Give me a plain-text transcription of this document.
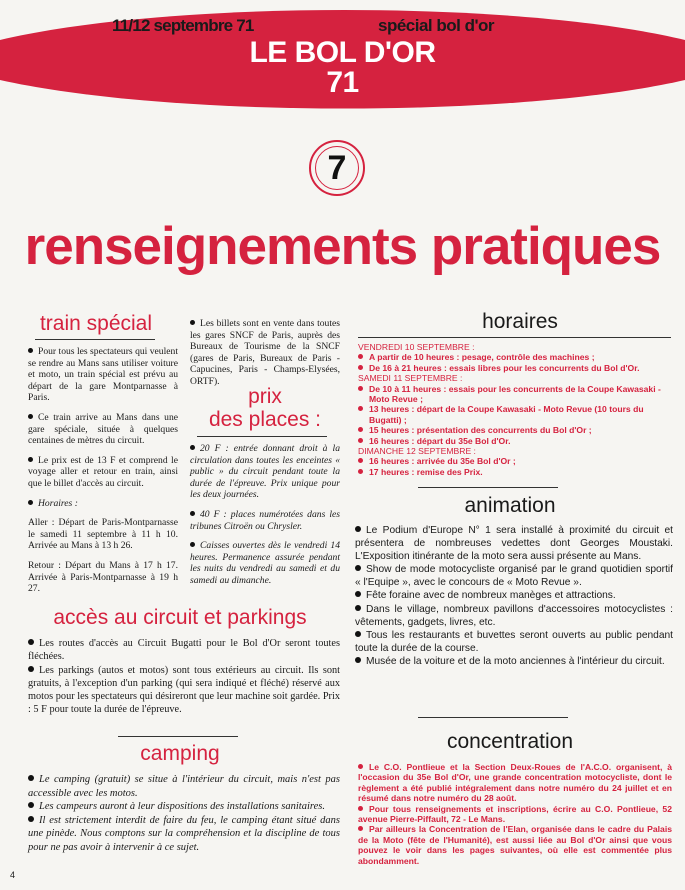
LE BOL D'OR
71
11/12 septembre 71
7
spécial bol d'or
renseignements pratiques
train spécial

Pour tous les spectateurs qui veulent se rendre au Mans sans utiliser voiture et moto, un train spécial est prévu au départ de la gare Montparnasse à Paris.

Ce train arrive au Mans dans une gare spéciale, située à quelques centaines de mètres du circuit.

Le prix est de 13 F et comprend le voyage aller et retour en train, ainsi que le billet d'accès au circuit.

Horaires :

Aller : Départ de Paris-Montparnasse le samedi 11 septembre à 11 h 10. Arrivée au Mans à 13 h 26.

Retour : Départ du Mans à 17 h 17. Arrivée à Paris-Montparnasse à 19 h 27.

Les billets sont en vente dans toutes les gares SNCF de Paris, auprès des Bureaux de Tourisme de la SNCF (gares de Paris, Bureaux de Paris - Capucines, Paris - Champs-Elysées, ORTF).

prix
des places :

20 F : entrée donnant droit à la circulation dans toutes les enceintes « public » du circuit pendant toute la durée de l'épreuve. Prix unique pour les deux journées.

40 F : places numérotées dans les tribunes Citroën ou Chrysler.

Caisses ouvertes dès le vendredi 14 heures. Permanence assurée pendant les nuits du vendredi au samedi et du samedi au dimanche.

accès au circuit et parkings

Les routes d'accès au Circuit Bugatti pour le Bol d'Or seront toutes fléchées.

Les parkings (autos et motos) sont tous extérieurs au circuit. Ils sont gratuits, à l'exception d'un parking (qui sera indiqué et fléché) réservé aux motos pour les spectateurs qui désireront que leur machine soit gardée. Prix : 5 F pour toute la durée de l'épreuve.

camping

Le camping (gratuit) se situe à l'intérieur du circuit, mais n'est pas accessible avec les motos.

Les campeurs auront à leur dispositions des installations sanitaires.

Il est strictement interdit de faire du feu, le camping étant situé dans une pinède. Nous comptons sur la compréhension et la discipline de tous pour ne pas avoir à intervenir à ce sujet.

horaires

VENDREDI 10 SEPTEMBRE :

A partir de 10 heures : pesage, contrôle des machines ;

De 16 à 21 heures : essais libres pour les concurrents du Bol d'Or.

SAMEDI 11 SEPTEMBRE :

De 10 à 11 heures : essais pour les concurrents de la Coupe Kawasaki - Moto Revue ;

13 heures : départ de la Coupe Kawasaki - Moto Revue (10 tours du Bugatti) ;

15 heures : présentation des concurrents du Bol d'Or ;

16 heures : départ du 35e Bol d'Or.

DIMANCHE 12 SEPTEMBRE :

16 heures : arrivée du 35e Bol d'Or ;

17 heures : remise des Prix.

animation

Le Podium d'Europe N° 1 sera installé à proximité du circuit et présentera de nombreuses vedettes dont Georges Moustaki. L'Exposition itinérante de la moto sera aussi présente au Mans.

Show de mode motocycliste organisé par le grand quotidien sportif « l'Equipe », avec le concours de « Moto Revue ».

Fête foraine avec de nombreux manèges et attractions.

Dans le village, nombreux pavillons d'accessoires motocyclistes : vêtements, gadgets, livres, etc.

Tous les restaurants et buvettes seront ouverts au public pendant toute la durée de la course.

Musée de la voiture et de la moto anciennes à l'intérieur du circuit.

concentration

Le C.O. Pontlieue et la Section Deux-Roues de l'A.C.O. organisent, à l'occasion du 35e Bol d'Or, une grande concentration motocycliste, dont le règlement a été publié intégralement dans notre numéro du 24 juillet et en résumé dans notre numéro du 28 août.

Pour tous renseignements et inscriptions, écrire au C.O. Pontlieue, 52 avenue Pierre-Piffault, 72 - Le Mans.

Par ailleurs la Concentration de l'Elan, organisée dans le cadre du Palais de la Moto (fête de l'Humanité), est aussi liée au Bol d'Or ainsi que vous pouvez le voir dans les pages suivantes, où elle est commentée plus abondamment.

4
